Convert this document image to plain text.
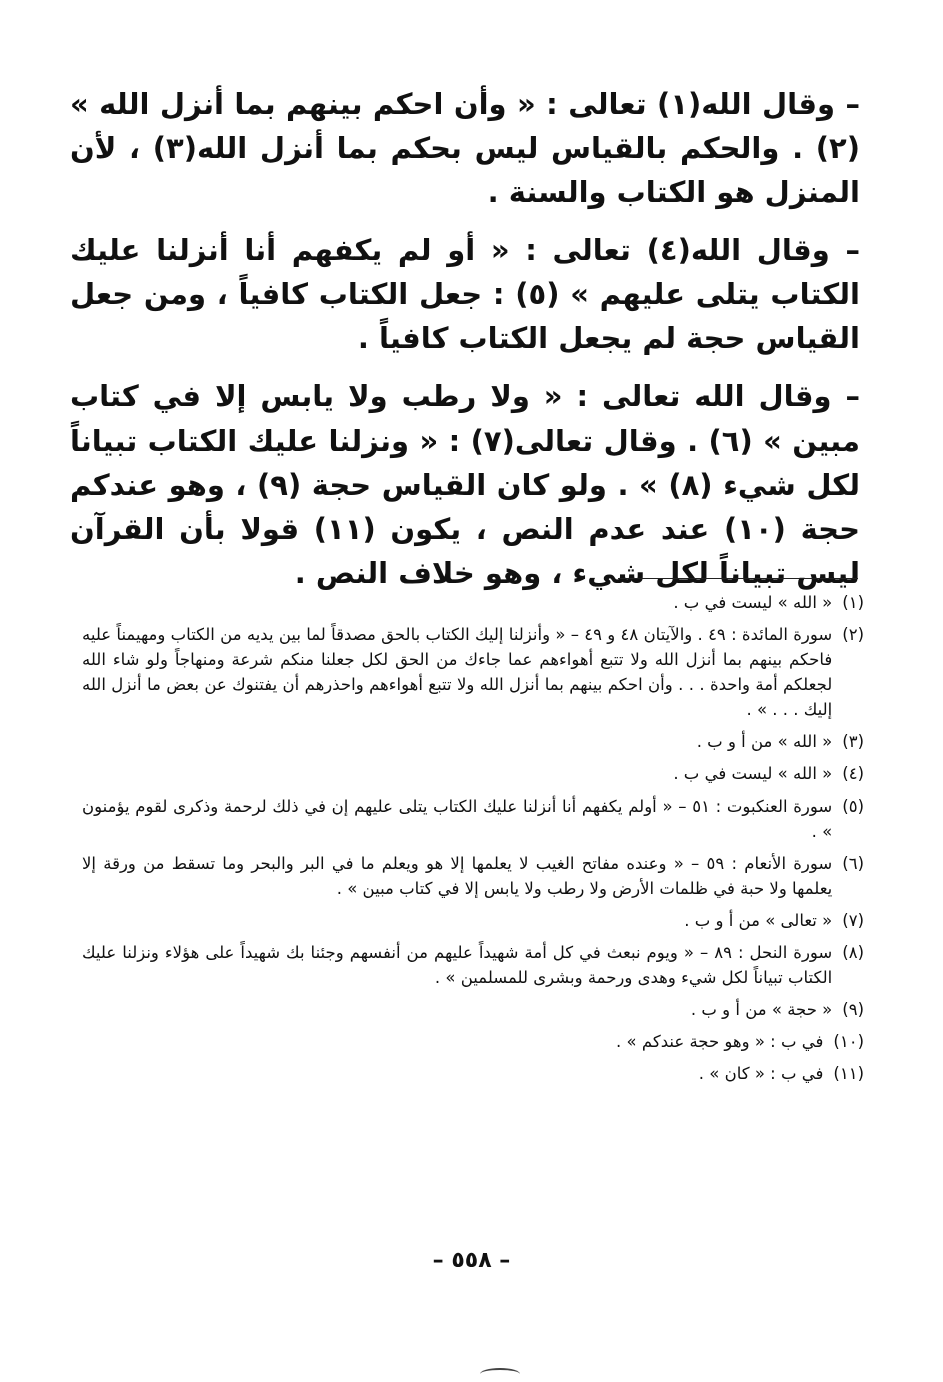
– وقال الله(١) تعالى : « وأن احكم بينهم بما أنزل الله » (٢) . والحكم بالقياس ليس بحكم بما أنزل الله(٣) ، لأن المنزل هو الكتاب والسنة .

– وقال الله(٤) تعالى : « أو لم يكفهم أنا أنزلنا عليك الكتاب يتلى عليهم » (٥) : جعل الكتاب كافياً ، ومن جعل القياس حجة لم يجعل الكتاب كافياً .

– وقال الله تعالى : « ولا رطب ولا يابس إلا في كتاب مبين » (٦) . وقال تعالى(٧) : « ونزلنا عليك الكتاب تبياناً لكل شيء (٨) » . ولو كان القياس حجة (٩) ، وهو عندكم حجة (١٠) عند عدم النص ، يكون (١١) قولا بأن القرآن ليس تبياناً لكل شيء ، وهو خلاف النص .

(١)
« الله » ليست في ب .
(٢)
سورة المائدة : ٤٩ . والآيتان ٤٨ و ٤٩ – « وأنزلنا إليك الكتاب بالحق مصدقاً لما بين يديه من الكتاب ومهيمناً عليه فاحكم بينهم بما أنزل الله ولا تتبع أهواءهم عما جاءك من الحق لكل جعلنا منكم شرعة ومنهاجاً ولو شاء الله لجعلكم أمة واحدة . . . وأن احكم بينهم بما أنزل الله ولا تتبع أهواءهم واحذرهم أن يفتنوك عن بعض ما أنزل الله إليك . . . » .
(٣)
« الله » من أ و ب .
(٤)
« الله » ليست في ب .
(٥)
سورة العنكبوت : ٥١ – « أولم يكفهم أنا أنزلنا عليك الكتاب يتلى عليهم إن في ذلك لرحمة وذكرى لقوم يؤمنون » .
(٦)
سورة الأنعام : ٥٩ – « وعنده مفاتح الغيب لا يعلمها إلا هو ويعلم ما في البر والبحر وما تسقط من ورقة إلا يعلمها ولا حبة في ظلمات الأرض ولا رطب ولا يابس إلا في كتاب مبين » .
(٧)
« تعالى » من أ و ب .
(٨)
سورة النحل : ٨٩ – « ويوم نبعث في كل أمة شهيداً عليهم من أنفسهم وجئنا بك شهيداً على هؤلاء ونزلنا عليك الكتاب تبياناً لكل شيء وهدى ورحمة وبشرى للمسلمين » .
(٩)
« حجة » من أ و ب .
(١٠)
في ب : « وهو حجة عندكم » .
(١١)
في ب : « كان » .
– ٥٥٨ –
